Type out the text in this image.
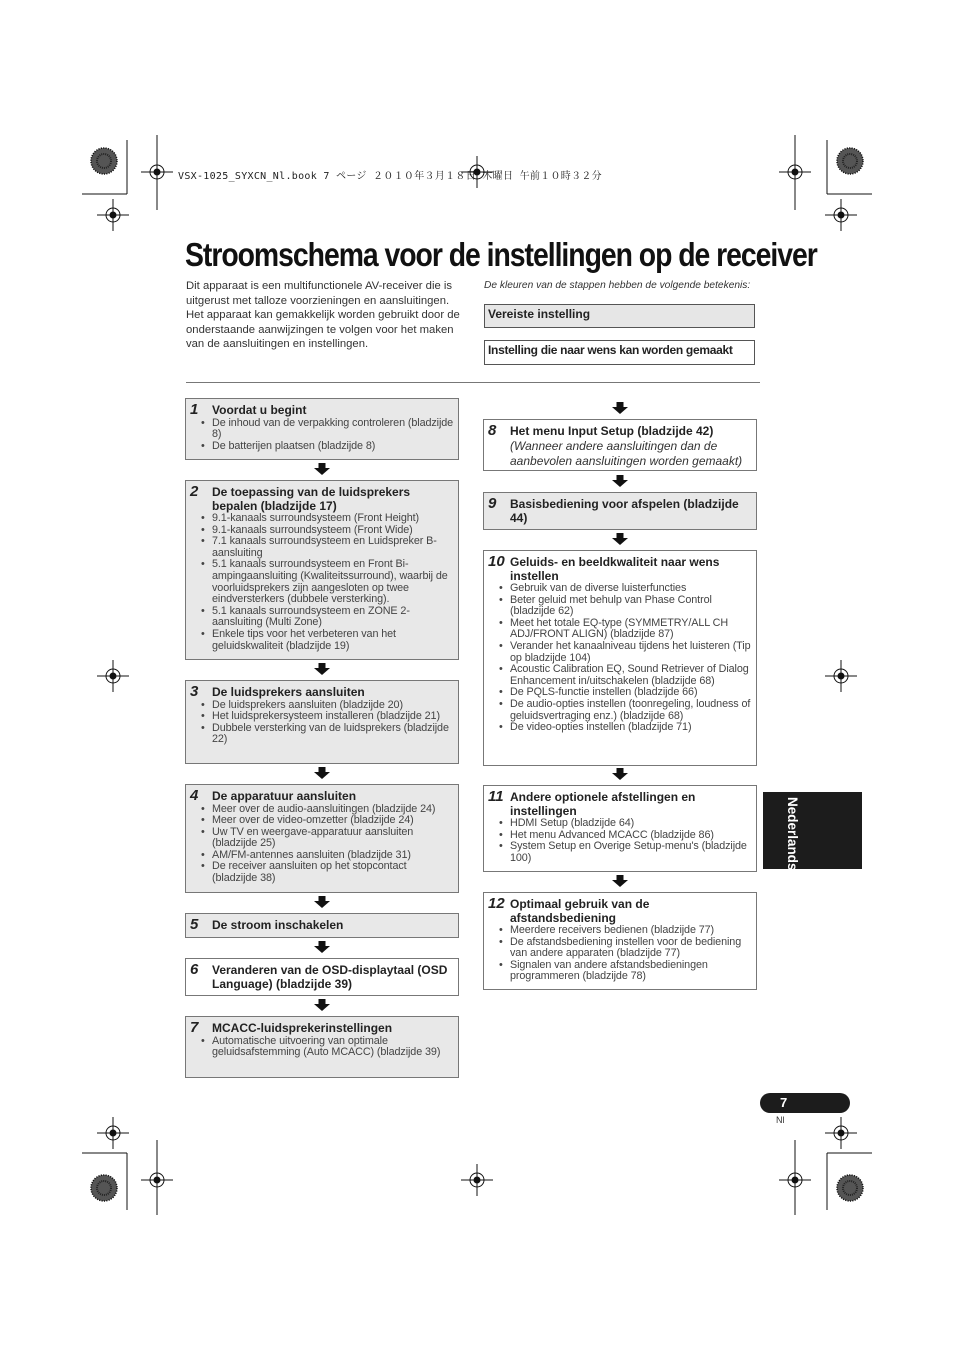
VSX-1025_SYXCN_Nl.book 7 ページ ２０１０年３月１８日 木曜日 午前１０時３２分
Stroomschema voor de instellingen op de receiver
Dit apparaat is een multifunctionele AV-receiver die is uitgerust met talloze voorzieningen en aansluitingen. Het apparaat kan gemakkelijk worden gebruikt door de onderstaande aanwijzingen te volgen voor het maken van de aansluitingen en instellingen.
De kleuren van de stappen hebben de volgende betekenis:
Vereiste instelling
Instelling die naar wens kan worden gemaakt
1	Voordat u begint
• De inhoud van de verpakking controleren (bladzijde 8)
• De batterijen plaatsen (bladzijde 8)
2	De toepassing van de luidsprekers bepalen (bladzijde 17)
• 9.1-kanaals surroundsysteem (Front Height)
• 9.1-kanaals surroundsysteem (Front Wide)
• 7.1 kanaals surroundsysteem en Luidspreker B-aansluiting
• 5.1 kanaals surroundsysteem en Front Bi-ampingaansluiting (Kwaliteitssurround), waarbij de voorluidsprekers zijn aangesloten op twee eindversterkers (dubbele versterking).
• 5.1 kanaals surroundsysteem en ZONE 2-aansluiting (Multi Zone)
• Enkele tips voor het verbeteren van het geluidskwaliteit (bladzijde 19)
3	De luidsprekers aansluiten
• De luidsprekers aansluiten (bladzijde 20)
• Het luidsprekersysteem installeren (bladzijde 21)
• Dubbele versterking van de luidsprekers (bladzijde 22)
4	De apparatuur aansluiten
• Meer over de audio-aansluitingen (bladzijde 24)
• Meer over de video-omzetter (bladzijde 24)
• Uw TV en weergave-apparatuur aansluiten (bladzijde 25)
• AM/FM-antennes aansluiten (bladzijde 31)
• De receiver aansluiten op het stopcontact (bladzijde 38)
5	De stroom inschakelen
6	Veranderen van de OSD-displaytaal (OSD Language) (bladzijde 39)
7	MCACC-luidsprekerinstellingen
• Automatische uitvoering van optimale geluidsafstemming (Auto MCACC) (bladzijde 39)
8	Het menu Input Setup (bladzijde 42)
(Wanneer andere aansluitingen dan de aanbevolen aansluitingen worden gemaakt)
9	Basisbediening voor afspelen (bladzijde 44)
10 Geluids- en beeldkwaliteit naar wens instellen
• Gebruik van de diverse luisterfuncties
• Beter geluid met behulp van Phase Control (bladzijde 62)
• Meet het totale EQ-type (SYMMETRY/ALL CH ADJ/FRONT ALIGN) (bladzijde 87)
• Verander het kanaalniveau tijdens het luisteren (Tip op bladzijde 104)
• Acoustic Calibration EQ, Sound Retriever of Dialog Enhancement in/uitschakelen (bladzijde 68)
• De PQLS-functie instellen (bladzijde 66)
• De audio-opties instellen (toonregeling, loudness of geluidsvertraging enz.) (bladzijde 68)
• De video-opties instellen (bladzijde 71)
11 Andere optionele afstellingen en instellingen
• HDMI Setup (bladzijde 64)
• Het menu Advanced MCACC (bladzijde 86)
• System Setup en Overige Setup-menu's (bladzijde 100)
12 Optimaal gebruik van de afstandsbediening
• Meerdere receivers bedienen (bladzijde 77)
• De afstandsbediening instellen voor de bediening van andere apparaten (bladzijde 77)
• Signalen van andere afstandsbedieningen programmeren (bladzijde 78)
Nederlands
7
Nl
